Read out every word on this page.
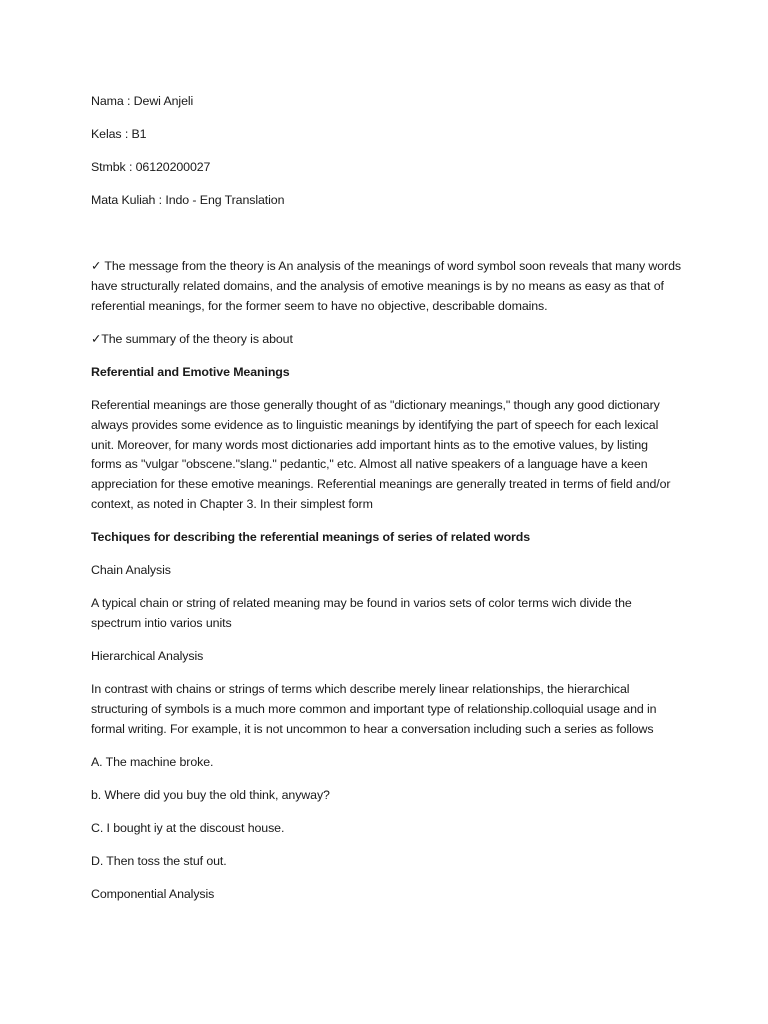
Nama : Dewi Anjeli

Kelas : B1

Stmbk : 06120200027

Mata Kuliah : Indo - Eng Translation

✓ The message from the theory is An analysis of the meanings of word symbol soon reveals that many words have structurally related domains, and the analysis of emotive meanings is by no means as easy as that of referential meanings, for the former seem to have no objective, describable domains.

✓The summary of the theory is about

Referential and Emotive Meanings

Referential meanings are those generally thought of as "dictionary meanings," though any good dictionary always provides some evidence as to linguistic meanings by identifying the part of speech for each lexical unit. Moreover, for many words most dictionaries add important hints as to the emotive values, by listing forms as "vulgar "obscene."slang." pedantic," etc. Almost all native speakers of a language have a keen appreciation for these emotive meanings. Referential meanings are generally treated in terms of field and/or context, as noted in Chapter 3. In their simplest form

Techiques for describing the referential meanings of series of related words

Chain Analysis

A typical chain or string of related meaning may be found in varios sets of color terms wich divide the spectrum intio varios units

Hierarchical Analysis

In contrast with chains or strings of terms which describe merely linear relationships, the hierarchical structuring of symbols is a much more common and important type of relationship.colloquial usage and in formal writing. For example, it is not uncommon to hear a conversation including such a series as follows

A. The machine broke.

b. Where did you buy the old think, anyway?

C. I bought iy at the discoust house.

D. Then toss the stuf out.

Componential Analysis
